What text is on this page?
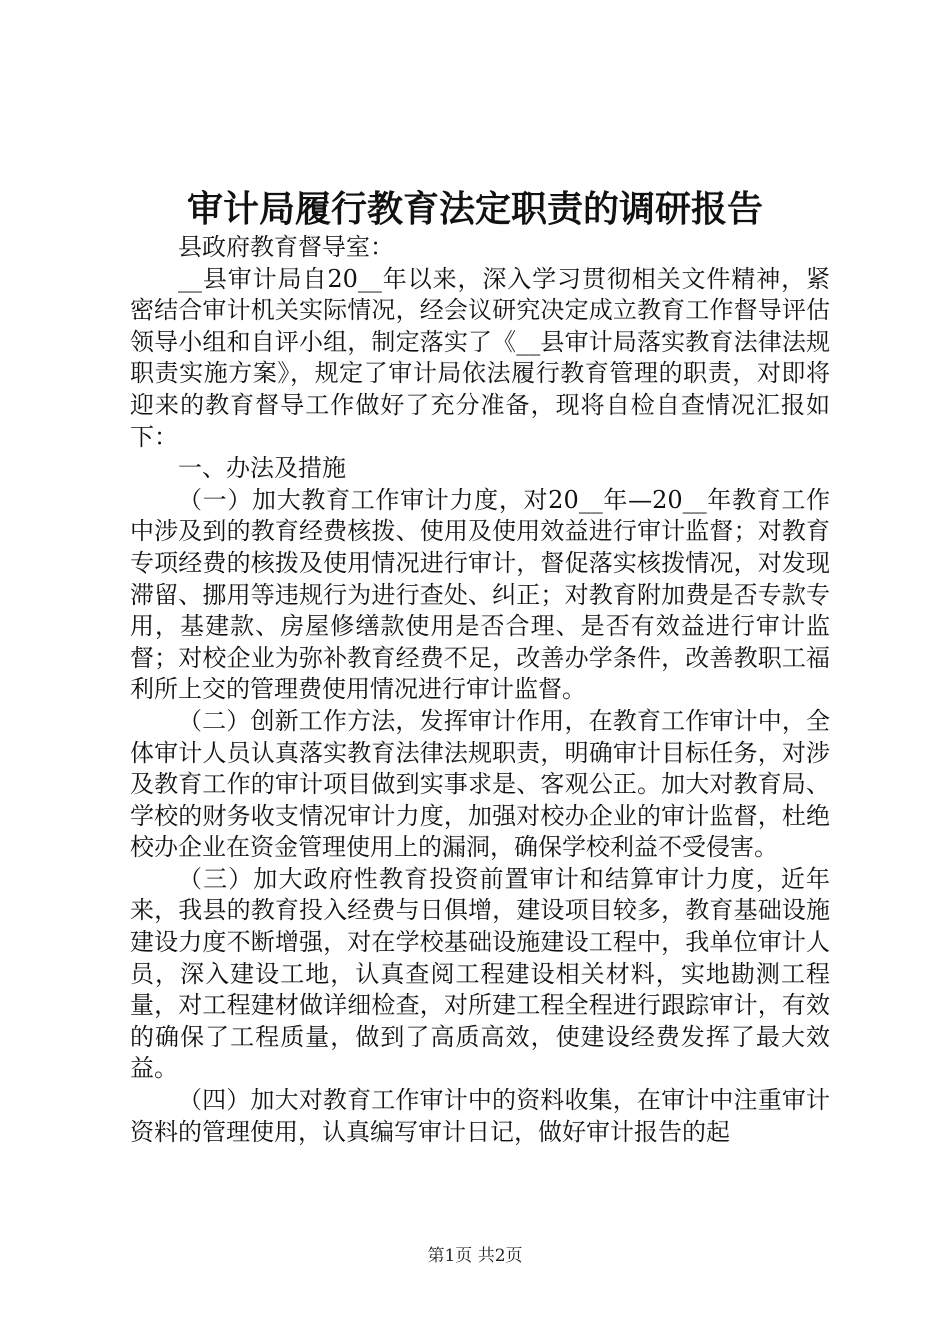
审计局履行教育法定职责的调研报告

县政府教育督导室：

__县审计局自20__年以来，深入学习贯彻相关文件精神，紧密结合审计机关实际情况，经会议研究决定成立教育工作督导评估领导小组和自评小组，制定落实了《__县审计局落实教育法律法规职责实施方案》，规定了审计局依法履行教育管理的职责，对即将迎来的教育督导工作做好了充分准备，现将自检自查情况汇报如下：

一、办法及措施

（一）加大教育工作审计力度，对20__年—20__年教育工作中涉及到的教育经费核拨、使用及使用效益进行审计监督；对教育专项经费的核拨及使用情况进行审计，督促落实核拨情况，对发现滞留、挪用等违规行为进行查处、纠正；对教育附加费是否专款专用，基建款、房屋修缮款使用是否合理、是否有效益进行审计监督；对校企业为弥补教育经费不足，改善办学条件，改善教职工福利所上交的管理费使用情况进行审计监督。

（二）创新工作方法，发挥审计作用，在教育工作审计中，全体审计人员认真落实教育法律法规职责，明确审计目标任务，对涉及教育工作的审计项目做到实事求是、客观公正。加大对教育局、学校的财务收支情况审计力度，加强对校办企业的审计监督，杜绝校办企业在资金管理使用上的漏洞，确保学校利益不受侵害。

（三）加大政府性教育投资前置审计和结算审计力度，近年来，我县的教育投入经费与日俱增，建设项目较多，教育基础设施建设力度不断增强，对在学校基础设施建设工程中，我单位审计人员，深入建设工地，认真查阅工程建设相关材料，实地勘测工程量，对工程建材做详细检查，对所建工程全程进行跟踪审计，有效的确保了工程质量，做到了高质高效，使建设经费发挥了最大效益。

（四）加大对教育工作审计中的资料收集，在审计中注重审计资料的管理使用，认真编写审计日记，做好审计报告的起

第1页 共2页
